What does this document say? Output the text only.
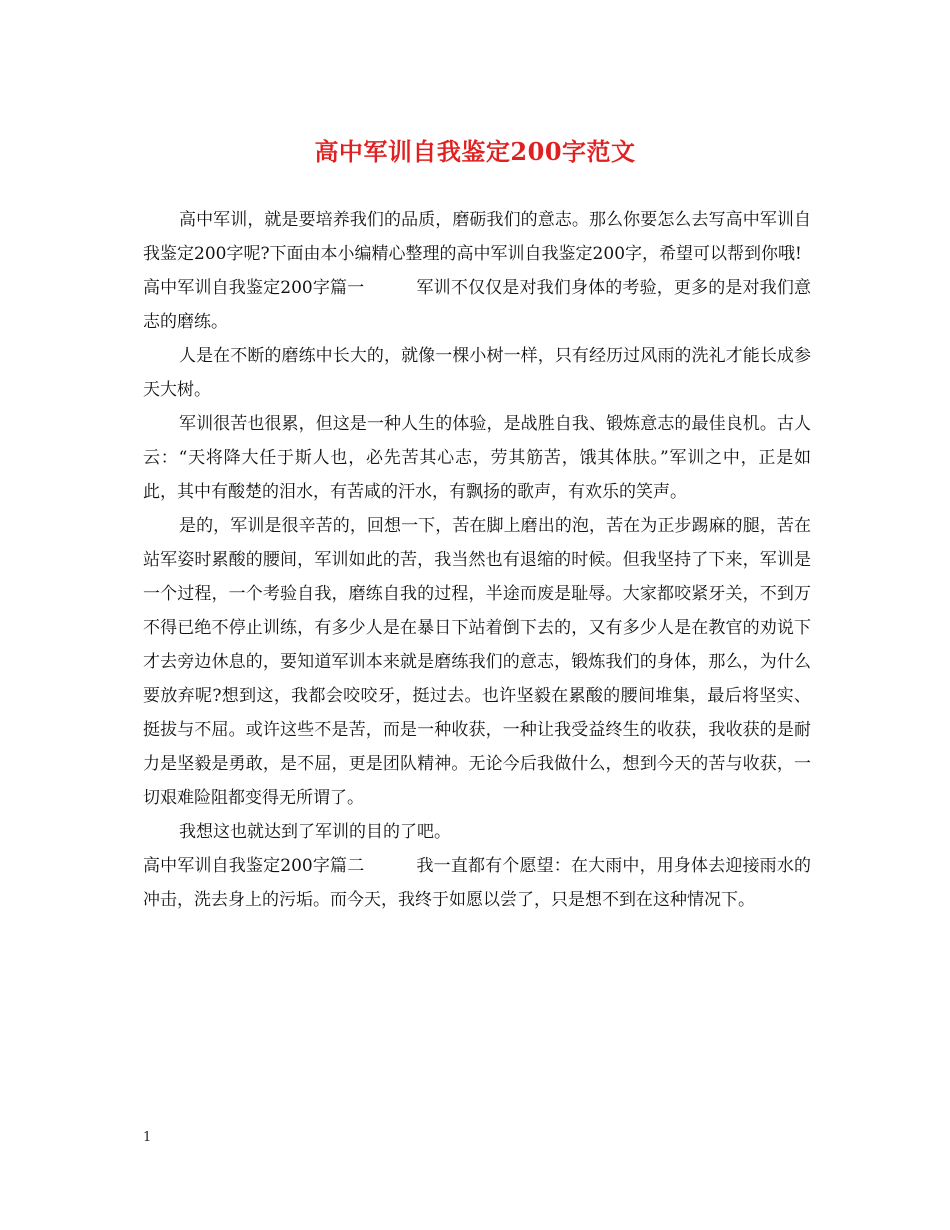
高中军训自我鉴定200字范文

高中军训，就是要培养我们的品质，磨砺我们的意志。那么你要怎么去写高中军训自我鉴定200字呢?下面由本小编精心整理的高中军训自我鉴定200字，希望可以帮到你哦!

高中军训自我鉴定200字篇一	军训不仅仅是对我们身体的考验，更多的是对我们意志的磨练。

人是在不断的磨练中长大的，就像一棵小树一样，只有经历过风雨的洗礼才能长成参天大树。

军训很苦也很累，但这是一种人生的体验，是战胜自我、锻炼意志的最佳良机。古人云：“天将降大任于斯人也，必先苦其心志，劳其筋苦，饿其体肤。”军训之中，正是如此，其中有酸楚的泪水，有苦咸的汗水，有飘扬的歌声，有欢乐的笑声。

是的，军训是很辛苦的，回想一下，苦在脚上磨出的泡，苦在为正步踢麻的腿，苦在站军姿时累酸的腰间，军训如此的苦，我当然也有退缩的时候。但我坚持了下来，军训是一个过程，一个考验自我，磨练自我的过程，半途而废是耻辱。大家都咬紧牙关，不到万不得已绝不停止训练，有多少人是在暴日下站着倒下去的，又有多少人是在教官的劝说下才去旁边休息的，要知道军训本来就是磨练我们的意志，锻炼我们的身体，那么，为什么要放弃呢?想到这，我都会咬咬牙，挺过去。也许坚毅在累酸的腰间堆集，最后将坚实、挺拔与不屈。或许这些不是苦，而是一种收获，一种让我受益终生的收获，我收获的是耐力是坚毅是勇敢，是不屈，更是团队精神。无论今后我做什么，想到今天的苦与收获，一切艰难险阻都变得无所谓了。

我想这也就达到了军训的目的了吧。

高中军训自我鉴定200字篇二	我一直都有个愿望：在大雨中，用身体去迎接雨水的冲击，洗去身上的污垢。而今天，我终于如愿以尝了，只是想不到在这种情况下。

1
